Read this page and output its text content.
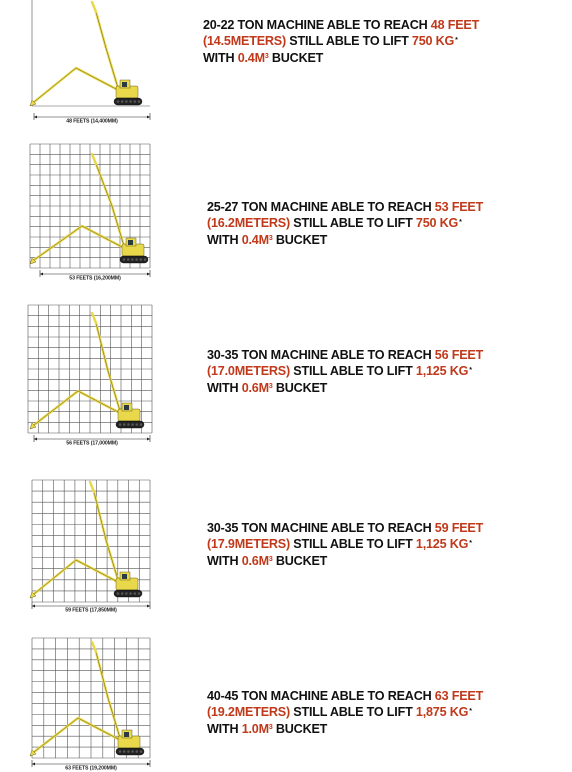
48 FEETS (14,400MM)
20-22 TON MACHINE ABLE TO REACH 48 FEET
(14.5METERS) STILL ABLE TO LIFT 750 KG*
WITH $0.4M^3$ BUCKET
53 FEETS (16,200MM)
25-27 TON MACHINE ABLE TO REACH 53 FEET
(16.2METERS) STILL ABLE TO LIFT 750 KG*
WITH $0.4M^3$ BUCKET
56 FEETS (17,000MM)
30-35 TON MACHINE ABLE TO REACH 56 FEET
(17.0METERS) STILL ABLE TO LIFT 1,125 KG*
WITH $0.6M^3$ BUCKET
59 FEETS (17,850MM)
30-35 TON MACHINE ABLE TO REACH 59 FEET
(17.9METERS) STILL ABLE TO LIFT 1,125 KG*
WITH $0.6M^3$ BUCKET
63 FEETS (19,200MM)
40-45 TON MACHINE ABLE TO REACH 63 FEET
(19.2METERS) STILL ABLE TO LIFT 1,875 KG*
WITH $1.0M^3$ BUCKET
